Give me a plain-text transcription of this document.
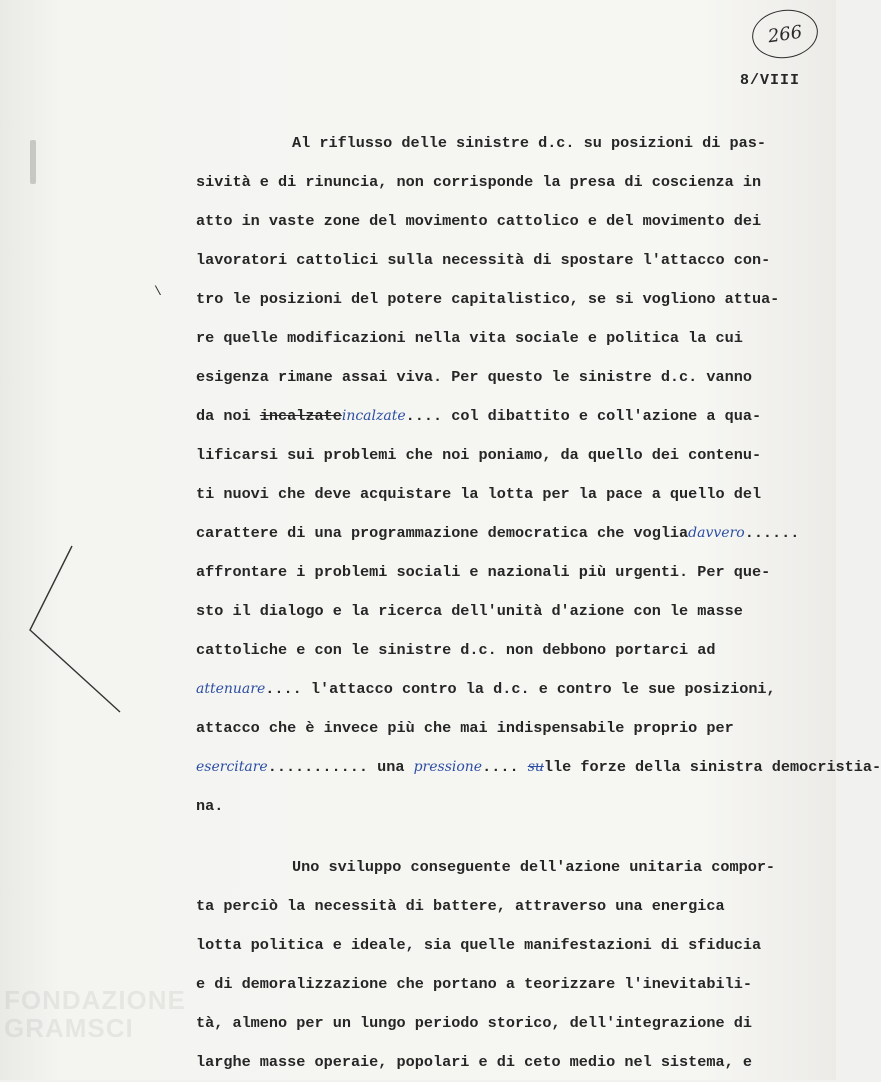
266
8/VIII
\
Al riflusso delle sinistre d.c. su posizioni di pas-
sività e di rinuncia, non corrisponde la presa di coscienza in
atto in vaste zone del movimento cattolico e del movimento dei
lavoratori cattolici sulla necessità di spostare l'attacco con-
tro le posizioni del potere capitalistico, se si vogliono attua-
re quelle modificazioni nella vita sociale e politica la cui
esigenza rimane assai viva. Per questo le sinistre d.c. vanno
da noi incalzateincalzate.... col dibattito e coll'azione a qua-
lificarsi sui problemi che noi poniamo, da quello dei contenu-
ti nuovi che deve acquistare la lotta per la pace a quello del
carattere di una programmazione democratica che vogliadavvero......
affrontare i problemi sociali e nazionali più urgenti. Per que-
sto il dialogo e la ricerca dell'unità d'azione con le masse
cattoliche e con le sinistre d.c. non debbono portarci ad
attenuare.... l'attacco contro la d.c. e contro le sue posizioni,
attacco che è invece più che mai indispensabile proprio per
esercitare........... una pressione.... sulle forze della sinistra democristia-
na.
Uno sviluppo conseguente dell'azione unitaria compor-
ta perciò la necessità di battere, attraverso una energica
lotta politica e ideale, sia quelle manifestazioni di sfiducia
e di demoralizzazione che portano a teorizzare l'inevitabili-
tà, almeno per un lungo periodo storico, dell'integrazione di
larghe masse operaie, popolari e di ceto medio nel sistema, e
FONDAZIONE
GRAMSCI
